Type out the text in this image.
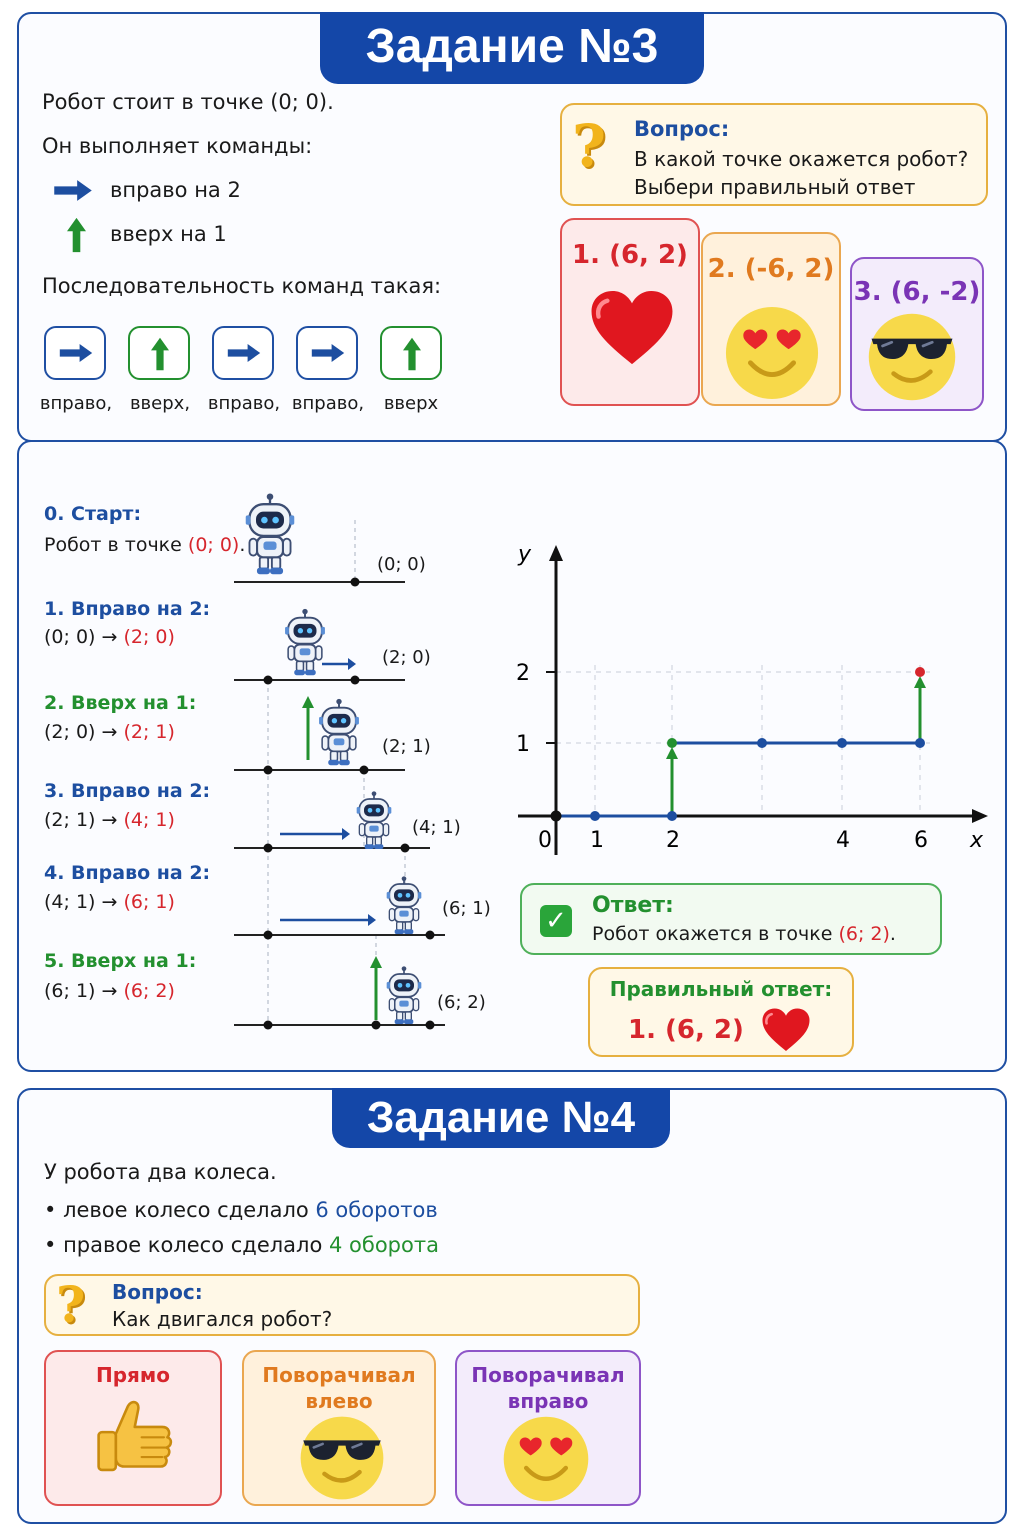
Задание №3
Робот стоит в точке (0; 0).
Он выполняет команды:
вправо на 2
вверх на 1
Последовательность команд такая:
вправо, вверх, вправо, вправо,	вверх
? Вопрос:
В какой точке окажется робот?
Выбери правильный ответ
1. (6, 2) 2. (-6, 2)
3. (6, -2)
0. Старт:
Робот в точке (0; 0).
1. Вправо на 2:
(0; 0) → (2; 0)
2. Вверх на 1:
(2; 0) → (2; 1)
3. Вправо на 2:
(2; 1) → (4; 1)
4. Вправо на 2:
(4; 1) → (6; 1)
5. Вверх на 1:
(6; 1) → (6; 2)
(0; 0)
(2; 0)
(2; 1)
(4; 1)
(6; 1)
(6; 2)
x
y
0 1	2	4	6
1
2
✓
Ответ:
Робот окажется в точке (6; 2).
Правильный ответ:
1. (6, 2)
Задание №4
У робота два колеса.
• левое колесо сделало 6 оборотов
• правое колесо сделало 4 оборота
? Вопрос:
Как двигался робот?
Прямо	Поворачивал
влево
Поворачивал
вправо
